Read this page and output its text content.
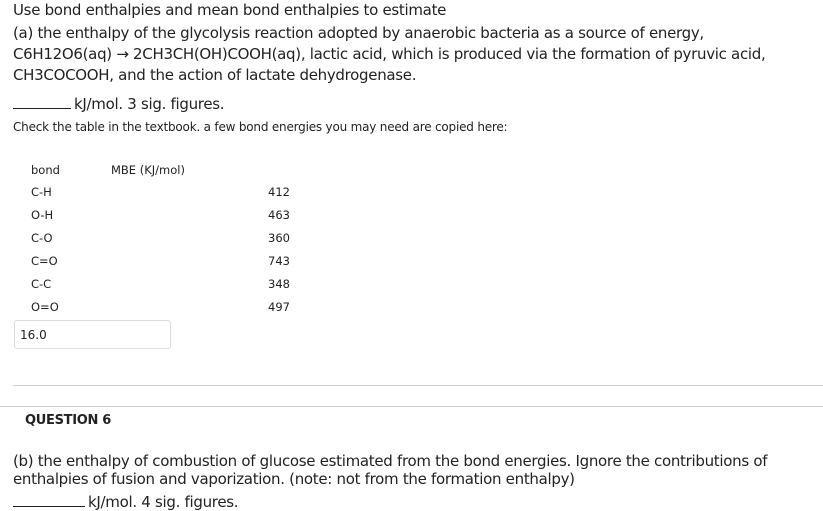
Use bond enthalpies and mean bond enthalpies to estimate
(a) the enthalpy of the glycolysis reaction adopted by anaerobic bacteria as a source of energy,
C6H12O6(aq) → 2CH3CH(OH)COOH(aq), lactic acid, which is produced via the formation of pyruvic acid,
CH3COCOOH, and the action of lactate dehydrogenase.
kJ/mol. 3 sig. figures.
Check the table in the textbook. a few bond energies you may need are copied here:
bond	MBE (KJ/mol)
C-H	412
O-H	463
C-O	360
C=O	743
C-C	348
O=O	497
16.0
QUESTION 6
(b) the enthalpy of combustion of glucose estimated from the bond energies. Ignore the contributions of
enthalpies of fusion and vaporization. (note: not from the formation enthalpy)
kJ/mol. 4 sig. figures.
